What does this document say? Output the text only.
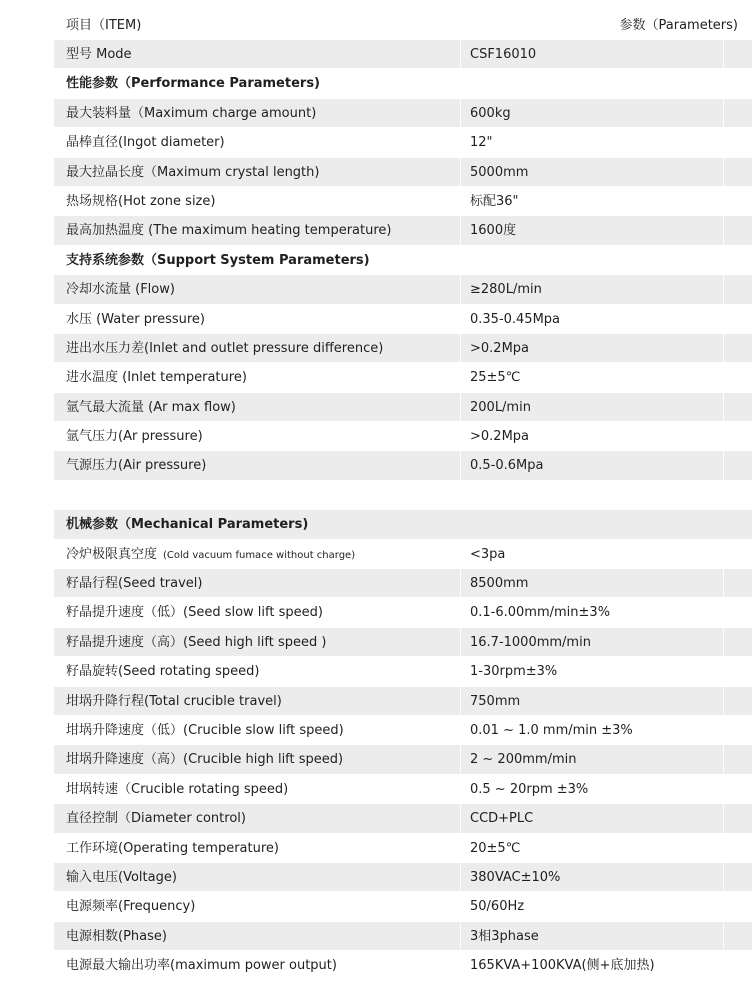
项目（ITEM)	参数（Parameters)
型号 Mode	CSF16010
性能参数（Performance Parameters)
最大装料量（Maximum charge amount)	600kg
晶棒直径(Ingot diameter)	12"
最大拉晶长度（Maximum crystal length)	5000mm
热场规格(Hot zone size)	标配36"
最高加热温度 (The maximum heating temperature)	1600度
支持系统参数（Support System Parameters)
冷却水流量 (Flow)	≥280L/min
水压 (Water pressure)	0.35-0.45Mpa
进出水压力差(Inlet and outlet pressure difference)	>0.2Mpa
进水温度 (Inlet temperature)	25±5℃
氩气最大流量 (Ar max flow)	200L/min
氩气压力(Ar pressure)	>0.2Mpa
气源压力(Air pressure)	0.5-0.6Mpa
机械参数（Mechanical Parameters)
冷炉极限真空度 (Cold vacuum fumace without charge)	<3pa
籽晶行程(Seed travel)	8500mm
籽晶提升速度（低）(Seed slow lift speed)	0.1-6.00mm/min±3%
籽晶提升速度（高）(Seed high lift speed )	16.7-1000mm/min
籽晶旋转(Seed rotating speed)	1-30rpm±3%
坩埚升降行程(Total crucible travel)	750mm
坩埚升降速度（低）(Crucible slow lift speed)	0.01 ~ 1.0 mm/min ±3%
坩埚升降速度（高）(Crucible high lift speed)	2 ~ 200mm/min
坩埚转速（Crucible rotating speed)	0.5 ~ 20rpm ±3%
直径控制（Diameter control)	CCD+PLC
工作环境(Operating temperature)	20±5℃
输入电压(Voltage)	380VAC±10%
电源频率(Frequency)	50/60Hz
电源相数(Phase)	3相3phase
电源最大输出功率(maximum power output)	165KVA+100KVA(侧+底加热)
